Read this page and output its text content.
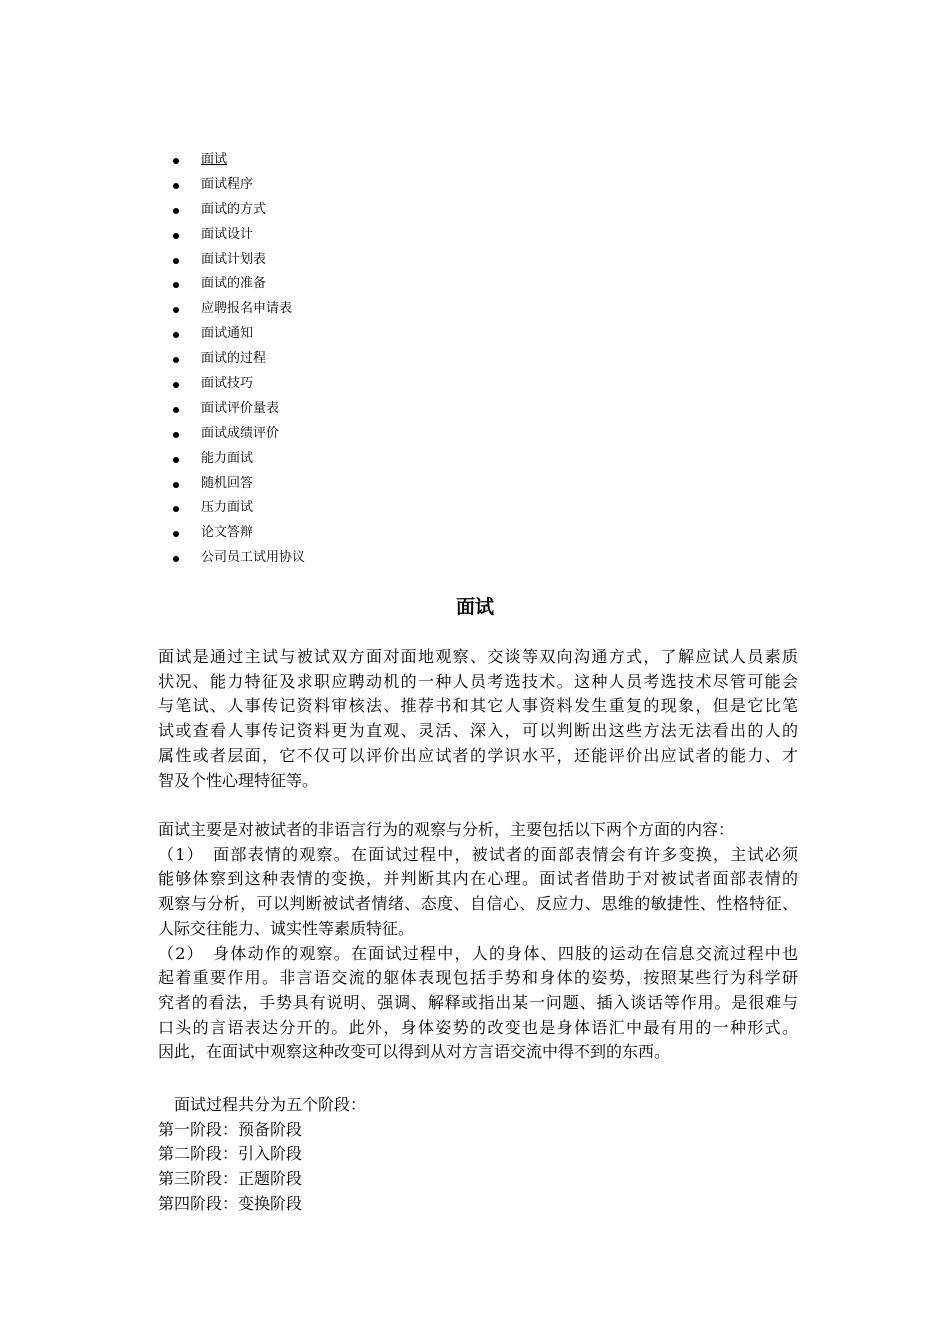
面试
面试程序
面试的方式
面试设计
面试计划表
面试的准备
应聘报名申请表
面试通知
面试的过程
面试技巧
面试评价量表
面试成绩评价
能力面试
随机回答
压力面试
论文答辩
公司员工试用协议
面试
面试是通过主试与被试双方面对面地观察、交谈等双向沟通方式，了解应试人员素质
状况、能力特征及求职应聘动机的一种人员考选技术。这种人员考选技术尽管可能会
与笔试、人事传记资料审核法、推荐书和其它人事资料发生重复的现象，但是它比笔
试或查看人事传记资料更为直观、灵活、深入，可以判断出这些方法无法看出的人的
属性或者层面，它不仅可以评价出应试者的学识水平，还能评价出应试者的能力、才
智及个性心理特征等。
面试主要是对被试者的非语言行为的观察与分析，主要包括以下两个方面的内容：
（1）　面部表情的观察。在面试过程中，被试者的面部表情会有许多变换，主试必须
能够体察到这种表情的变换，并判断其内在心理。面试者借助于对被试者面部表情的
观察与分析，可以判断被试者情绪、态度、自信心、反应力、思维的敏捷性、性格特征、
人际交往能力、诚实性等素质特征。
（2）　身体动作的观察。在面试过程中，人的身体、四肢的运动在信息交流过程中也
起着重要作用。非言语交流的躯体表现包括手势和身体的姿势，按照某些行为科学研
究者的看法，手势具有说明、强调、解释或指出某一问题、插入谈话等作用。是很难与
口头的言语表达分开的。此外，身体姿势的改变也是身体语汇中最有用的一种形式。
因此，在面试中观察这种改变可以得到从对方言语交流中得不到的东西。
　面试过程共分为五个阶段：
第一阶段：预备阶段
第二阶段：引入阶段
第三阶段：正题阶段
第四阶段：变换阶段
